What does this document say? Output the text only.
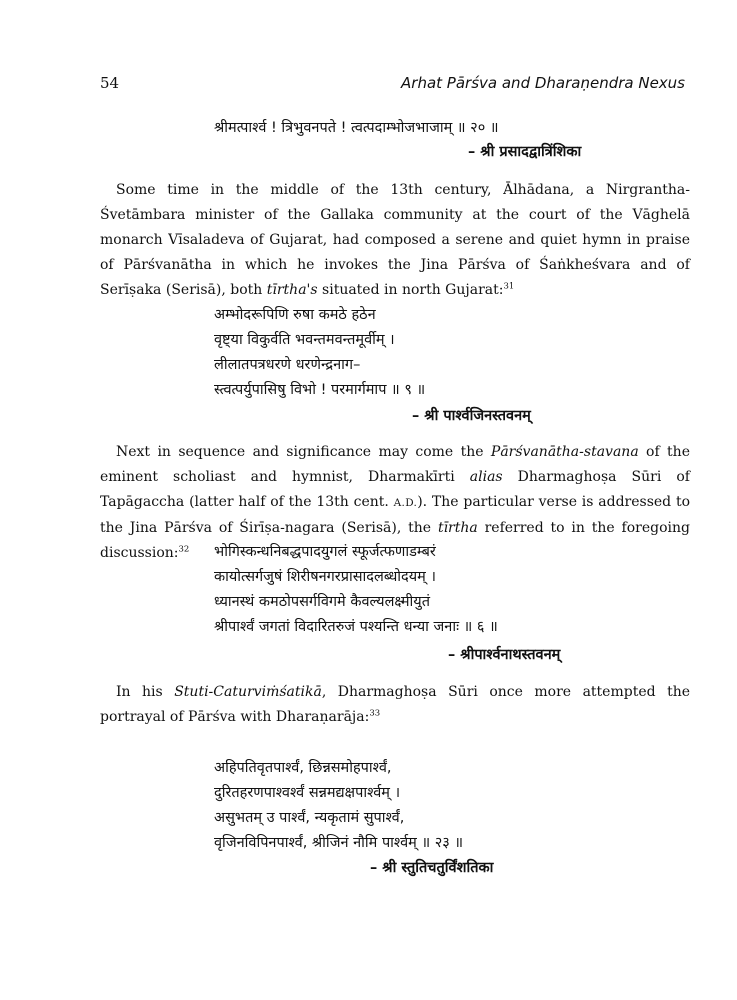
54	Arhat Pārśva and Dharaṇendra Nexus
श्रीमत्पार्श्व ! त्रिभुवनपते ! त्वत्पदाम्भोजभाजाम् ॥ २० ॥
– श्री प्रसादद्वात्रिंशिका
Some time in the middle of the 13th century, Ālhādana, a Nirgrantha-Śvetāmbara minister of the Gallaka community at the court of the Vāghelā monarch Vīsaladeva of Gujarat, had composed a serene and quiet hymn in praise of Pārśvanātha in which he invokes the Jina Pārśva of Śaṅkheśvara and of Serīṣaka (Serisā), both tīrtha's situated in north Gujarat:$^{31}$
अम्भोदरूपिणि रुषा कमठे हठेन
वृष्ट्या विकुर्वति भवन्तमवन्तमूर्वीम् ।
लीलातपत्रधरणे धरणेन्द्रनाग–
स्त्वत्पर्युपासिषु विभो ! परमार्गमाप ॥ ९ ॥
– श्री पार्श्वजिनस्तवनम्
Next in sequence and significance may come the Pārśvanātha-stavana of the eminent scholiast and hymnist, Dharmakīrti alias Dharmaghoṣa Sūri of Tapāgaccha (latter half of the 13th cent. A.D.). The particular verse is addressed to the Jina Pārśva of Śirīṣa-nagara (Serisā), the tīrtha referred to in the foregoing discussion:$^{32}$	भोगिस्कन्धनिबद्धपादयुगलं स्फूर्जत्फणाडम्बरं
कायोत्सर्गजुषं शिरीषनगरप्रासादलब्धोदयम् ।
ध्यानस्थं कमठोपसर्गविगमे कैवल्यलक्ष्मीयुतं
श्रीपार्श्वं जगतां विदारितरुजं पश्यन्ति धन्या जनाः ॥ ६ ॥
– श्रीपार्श्वनाथस्तवनम्
In his Stuti-Caturviṁśatikā, Dharmaghoṣa Sūri once more attempted the portrayal of Pārśva with Dharaṇarāja:$^{33}$
अहिपतिवृतपार्श्वं, छिन्नसमोहपार्श्वं,
दुरितहरणपाश्वर्श्वं सन्नमद्यक्षपार्श्वम् ।
असुभतम् उ पार्श्वं, न्यकृतामं सुपार्श्वं,
वृजिनविपिनपार्श्वं, श्रीजिनं नौमि पार्श्वम् ॥ २३ ॥
– श्री स्तुतिचतुर्विंशतिका
